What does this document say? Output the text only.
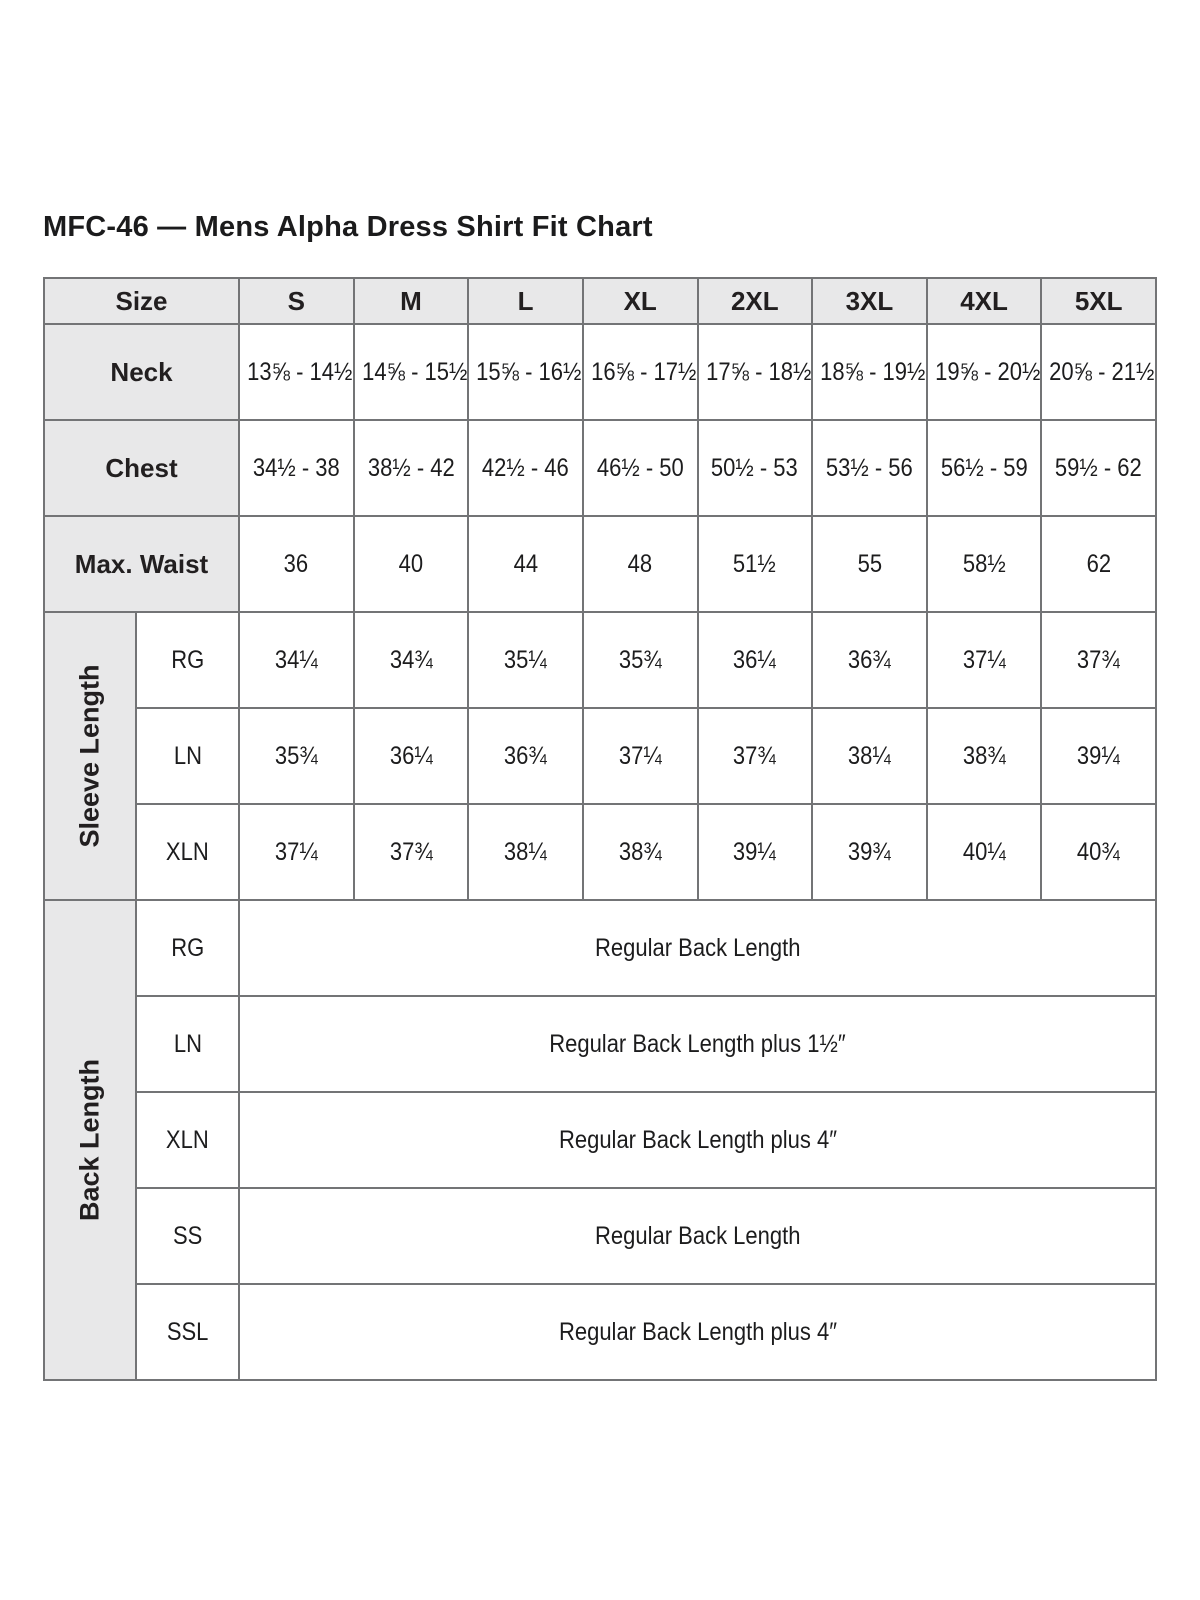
MFC-46 — Mens Alpha Dress Shirt Fit Chart
Size		S	M	L	XL	2XL	3XL	4XL	5XL
Neck		13⅝ - 14½	14⅝ - 15½	15⅝ - 16½	16⅝ - 17½	17⅝ - 18½	18⅝ - 19½	19⅝ - 20½	20⅝ - 21½
Chest		34½ - 38	38½ - 42	42½ - 46	46½ - 50	50½ - 53	53½ - 56	56½ - 59	59½ - 62
Max. Waist		36	40	44	48	51½	55	58½	62

Sleeve Length	RG	34¼	34¾	35¼	35¾	36¼	36¾	37¼	37¾
	LN	35¾	36¼	36¾	37¼	37¾	38¼	38¾	39¼
	XLN	37¼	37¾	38¼	38¾	39¼	39¾	40¼	40¾

Back Length	RG	Regular Back Length							
	LN	Regular Back Length plus 1½″							
	XLN	Regular Back Length plus 4″							
	SS	Regular Back Length							
	SSL	Regular Back Length plus 4″							
